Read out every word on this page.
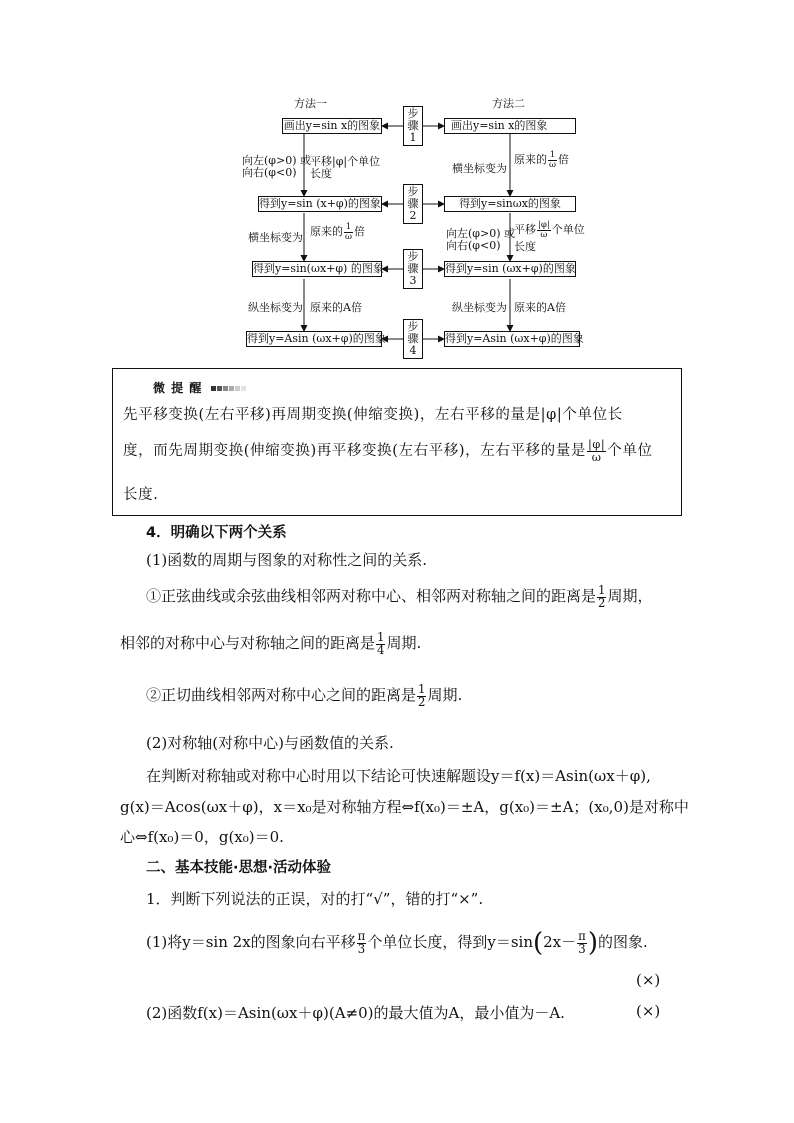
方法一	方法二
步
骤
1
步
骤
2
步
骤
3
步
骤
4
画出y=sin x的图象
得到y=sin (x+φ)的图象
得到y=sin(ωx+φ) 的图象
得到y=Asin (ωx+φ)的图象
画出y=sin x的图象
得到y=sinωx的图象
得到y=sin (ωx+φ)的图象
得到y=Asin (ωx+φ)的图象
向左(φ>0) 或
向右(φ<0)
平移|φ|个单位
长度
横坐标变为 原来的 $\frac{1}{\omega}$ 倍
纵坐标变为 原来的A倍
横坐标变为
原来的 $\frac{1}{\omega}$ 倍
向左(φ>0) 或
向右(φ<0)
平移 $\frac{|\varphi|}{\omega}$ 个单位
长度
纵坐标变为 原来的A倍
微 提 醒
先平移变换(左右平移)再周期变换(伸缩变换)，左右平移的量是|φ|个单位长
度，而先周期变换(伸缩变换)再平移变换(左右平移)，左右平移的量是 $\frac{|\varphi|}{\omega}$ 个单位
长度.
4．明确以下两个关系
(1)函数的周期与图象的对称性之间的关系.
①正弦曲线或余弦曲线相邻两对称中心、相邻两对称轴之间的距离是 $\frac{1}{2}$ 周期，
相邻的对称中心与对称轴之间的距离是 $\frac{1}{4}$ 周期.
②正切曲线相邻两对称中心之间的距离是 $\frac{1}{2}$ 周期.
(2)对称轴(对称中心)与函数值的关系.
在判断对称轴或对称中心时用以下结论可快速解题设y＝f(x)＝Asin(ωx＋φ),
g(x)＝Acos(ωx＋φ)，x＝x₀是对称轴方程⇔f(x₀)＝±A，g(x₀)＝±A；(x₀,0)是对称中
心⇔f(x₀)＝0，g(x₀)＝0.
二、基本技能·思想·活动体验
1．判断下列说法的正误，对的打“√”，错的打“×”.
(1)将y＝sin 2x的图象向右平移 $\frac{\pi}{3}$ 个单位长度，得到$y=\sin(2x- \frac{\pi}{3}$ )的图象.
(×)
(2)函数f(x)＝Asin(ωx＋φ)(A≠0)的最大值为A，最小值为－A.	(×)
